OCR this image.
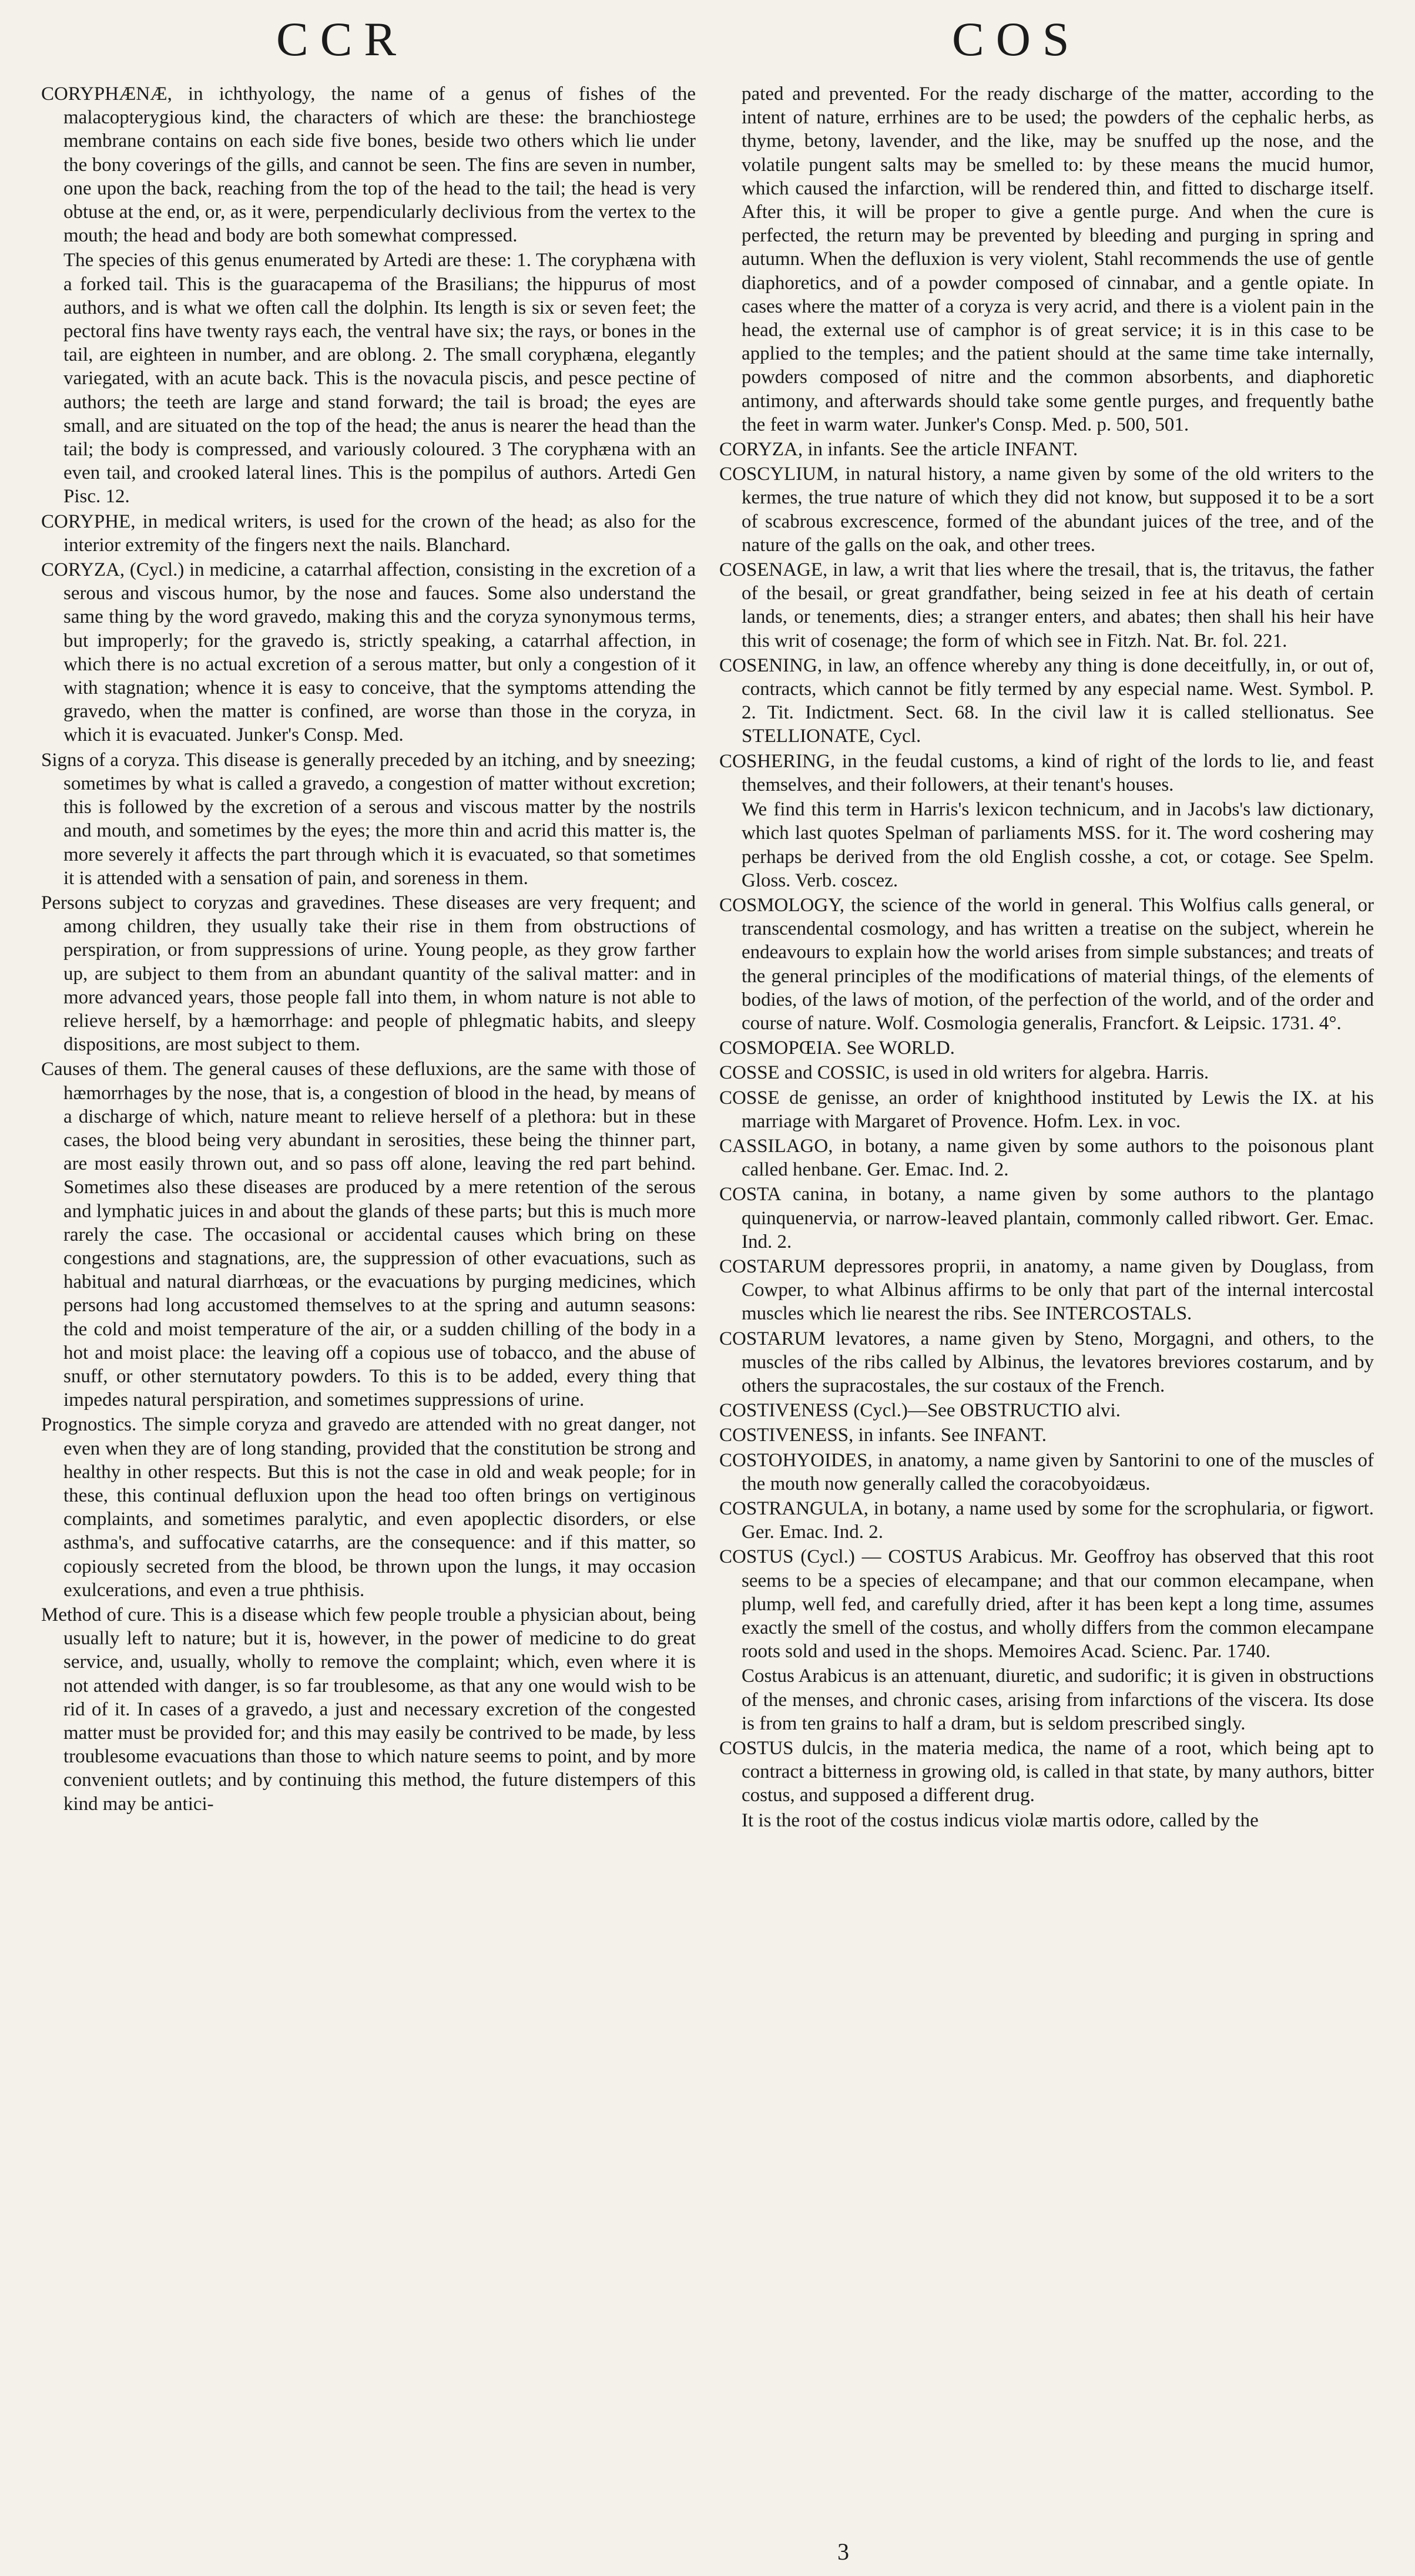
CCR	COS

CORYPHÆNÆ, in ichthyology, the name of a genus of fishes of the malacopterygious kind, the characters of which are these: the branchiostege membrane contains on each side five bones, beside two others which lie under the bony coverings of the gills, and cannot be seen. The fins are seven in number, one upon the back, reaching from the top of the head to the tail; the head is very obtuse at the end, or, as it were, perpendicularly declivious from the vertex to the mouth; the head and body are both somewhat compressed.

The species of this genus enumerated by Artedi are these: 1. The coryphæna with a forked tail. This is the guaracapema of the Brasilians; the hippurus of most authors, and is what we often call the dolphin. Its length is six or seven feet; the pectoral fins have twenty rays each, the ventral have six; the rays, or bones in the tail, are eighteen in number, and are oblong. 2. The small coryphæna, elegantly variegated, with an acute back. This is the novacula piscis, and pesce pectine of authors; the teeth are large and stand forward; the tail is broad; the eyes are small, and are situated on the top of the head; the anus is nearer the head than the tail; the body is compressed, and variously coloured. 3 The coryphæna with an even tail, and crooked lateral lines. This is the pompilus of authors. Artedi Gen Pisc. 12.

CORYPHE, in medical writers, is used for the crown of the head; as also for the interior extremity of the fingers next the nails. Blanchard.

CORYZA, (Cycl.) in medicine, a catarrhal affection, consisting in the excretion of a serous and viscous humor, by the nose and fauces. Some also understand the same thing by the word gravedo, making this and the coryza synonymous terms, but improperly; for the gravedo is, strictly speaking, a catarrhal affection, in which there is no actual excretion of a serous matter, but only a congestion of it with stagnation; whence it is easy to conceive, that the symptoms attending the gravedo, when the matter is confined, are worse than those in the coryza, in which it is evacuated. Junker's Consp. Med.

Signs of a coryza. This disease is generally preceded by an itching, and by sneezing; sometimes by what is called a gravedo, a congestion of matter without excretion; this is followed by the excretion of a serous and viscous matter by the nostrils and mouth, and sometimes by the eyes; the more thin and acrid this matter is, the more severely it affects the part through which it is evacuated, so that sometimes it is attended with a sensation of pain, and soreness in them.

Persons subject to coryzas and gravedines. These diseases are very frequent; and among children, they usually take their rise in them from obstructions of perspiration, or from suppressions of urine. Young people, as they grow farther up, are subject to them from an abundant quantity of the salival matter: and in more advanced years, those people fall into them, in whom nature is not able to relieve herself, by a hæmorrhage: and people of phlegmatic habits, and sleepy dispositions, are most subject to them.

Causes of them. The general causes of these defluxions, are the same with those of hæmorrhages by the nose, that is, a congestion of blood in the head, by means of a discharge of which, nature meant to relieve herself of a plethora: but in these cases, the blood being very abundant in serosities, these being the thinner part, are most easily thrown out, and so pass off alone, leaving the red part behind. Sometimes also these diseases are produced by a mere retention of the serous and lymphatic juices in and about the glands of these parts; but this is much more rarely the case. The occasional or accidental causes which bring on these congestions and stagnations, are, the suppression of other evacuations, such as habitual and natural diarrhœas, or the evacuations by purging medicines, which persons had long accustomed themselves to at the spring and autumn seasons: the cold and moist temperature of the air, or a sudden chilling of the body in a hot and moist place: the leaving off a copious use of tobacco, and the abuse of snuff, or other sternutatory powders. To this is to be added, every thing that impedes natural perspiration, and sometimes suppressions of urine.

Prognostics. The simple coryza and gravedo are attended with no great danger, not even when they are of long standing, provided that the constitution be strong and healthy in other respects. But this is not the case in old and weak people; for in these, this continual defluxion upon the head too often brings on vertiginous complaints, and sometimes paralytic, and even apoplectic disorders, or else asthma's, and suffocative catarrhs, are the consequence: and if this matter, so copiously secreted from the blood, be thrown upon the lungs, it may occasion exulcerations, and even a true phthisis.

Method of cure. This is a disease which few people trouble a physician about, being usually left to nature; but it is, however, in the power of medicine to do great service, and, usually, wholly to remove the complaint; which, even where it is not attended with danger, is so far troublesome, as that any one would wish to be rid of it. In cases of a gravedo, a just and necessary excretion of the congested matter must be provided for; and this may easily be contrived to be made, by less troublesome evacuations than those to which nature seems to point, and by more convenient outlets; and by continuing this method, the future distempers of this kind may be antici-

pated and prevented. For the ready discharge of the matter, according to the intent of nature, errhines are to be used; the powders of the cephalic herbs, as thyme, betony, lavender, and the like, may be snuffed up the nose, and the volatile pungent salts may be smelled to: by these means the mucid humor, which caused the infarction, will be rendered thin, and fitted to discharge itself. After this, it will be proper to give a gentle purge. And when the cure is perfected, the return may be prevented by bleeding and purging in spring and autumn. When the defluxion is very violent, Stahl recommends the use of gentle diaphoretics, and of a powder composed of cinnabar, and a gentle opiate. In cases where the matter of a coryza is very acrid, and there is a violent pain in the head, the external use of camphor is of great service; it is in this case to be applied to the temples; and the patient should at the same time take internally, powders composed of nitre and the common absorbents, and diaphoretic antimony, and afterwards should take some gentle purges, and frequently bathe the feet in warm water. Junker's Consp. Med. p. 500, 501.

CORYZA, in infants. See the article INFANT.

COSCYLIUM, in natural history, a name given by some of the old writers to the kermes, the true nature of which they did not know, but supposed it to be a sort of scabrous excrescence, formed of the abundant juices of the tree, and of the nature of the galls on the oak, and other trees.

COSENAGE, in law, a writ that lies where the tresail, that is, the tritavus, the father of the besail, or great grandfather, being seized in fee at his death of certain lands, or tenements, dies; a stranger enters, and abates; then shall his heir have this writ of cosenage; the form of which see in Fitzh. Nat. Br. fol. 221.

COSENING, in law, an offence whereby any thing is done deceitfully, in, or out of, contracts, which cannot be fitly termed by any especial name. West. Symbol. P. 2. Tit. Indictment. Sect. 68. In the civil law it is called stellionatus. See STELLIONATE, Cycl.

COSHERING, in the feudal customs, a kind of right of the lords to lie, and feast themselves, and their followers, at their tenant's houses.

We find this term in Harris's lexicon technicum, and in Jacobs's law dictionary, which last quotes Spelman of parliaments MSS. for it. The word coshering may perhaps be derived from the old English cosshe, a cot, or cotage. See Spelm. Gloss. Verb. coscez.

COSMOLOGY, the science of the world in general. This Wolfius calls general, or transcendental cosmology, and has written a treatise on the subject, wherein he endeavours to explain how the world arises from simple substances; and treats of the general principles of the modifications of material things, of the elements of bodies, of the laws of motion, of the perfection of the world, and of the order and course of nature. Wolf. Cosmologia generalis, Francfort. & Leipsic. 1731. 4°.

COSMOPŒIA. See WORLD.

COSSE and COSSIC, is used in old writers for algebra. Harris.

COSSE de genisse, an order of knighthood instituted by Lewis the IX. at his marriage with Margaret of Provence. Hofm. Lex. in voc.

CASSILAGO, in botany, a name given by some authors to the poisonous plant called henbane. Ger. Emac. Ind. 2.

COSTA canina, in botany, a name given by some authors to the plantago quinquenervia, or narrow-leaved plantain, commonly called ribwort. Ger. Emac. Ind. 2.

COSTARUM depressores proprii, in anatomy, a name given by Douglass, from Cowper, to what Albinus affirms to be only that part of the internal intercostal muscles which lie nearest the ribs. See INTERCOSTALS.

COSTARUM levatores, a name given by Steno, Morgagni, and others, to the muscles of the ribs called by Albinus, the levatores breviores costarum, and by others the supracostales, the sur costaux of the French.

COSTIVENESS (Cycl.)—See OBSTRUCTIO alvi.

COSTIVENESS, in infants. See INFANT.

COSTOHYOIDES, in anatomy, a name given by Santorini to one of the muscles of the mouth now generally called the coracobyoidæus.

COSTRANGULA, in botany, a name used by some for the scrophularia, or figwort. Ger. Emac. Ind. 2.

COSTUS (Cycl.) — COSTUS Arabicus. Mr. Geoffroy has observed that this root seems to be a species of elecampane; and that our common elecampane, when plump, well fed, and carefully dried, after it has been kept a long time, assumes exactly the smell of the costus, and wholly differs from the common elecampane roots sold and used in the shops. Memoires Acad. Scienc. Par. 1740.

Costus Arabicus is an attenuant, diuretic, and sudorific; it is given in obstructions of the menses, and chronic cases, arising from infarctions of the viscera. Its dose is from ten grains to half a dram, but is seldom prescribed singly.

COSTUS dulcis, in the materia medica, the name of a root, which being apt to contract a bitterness in growing old, is called in that state, by many authors, bitter costus, and supposed a different drug.

It is the root of the costus indicus violæ martis odore, called by the

3
